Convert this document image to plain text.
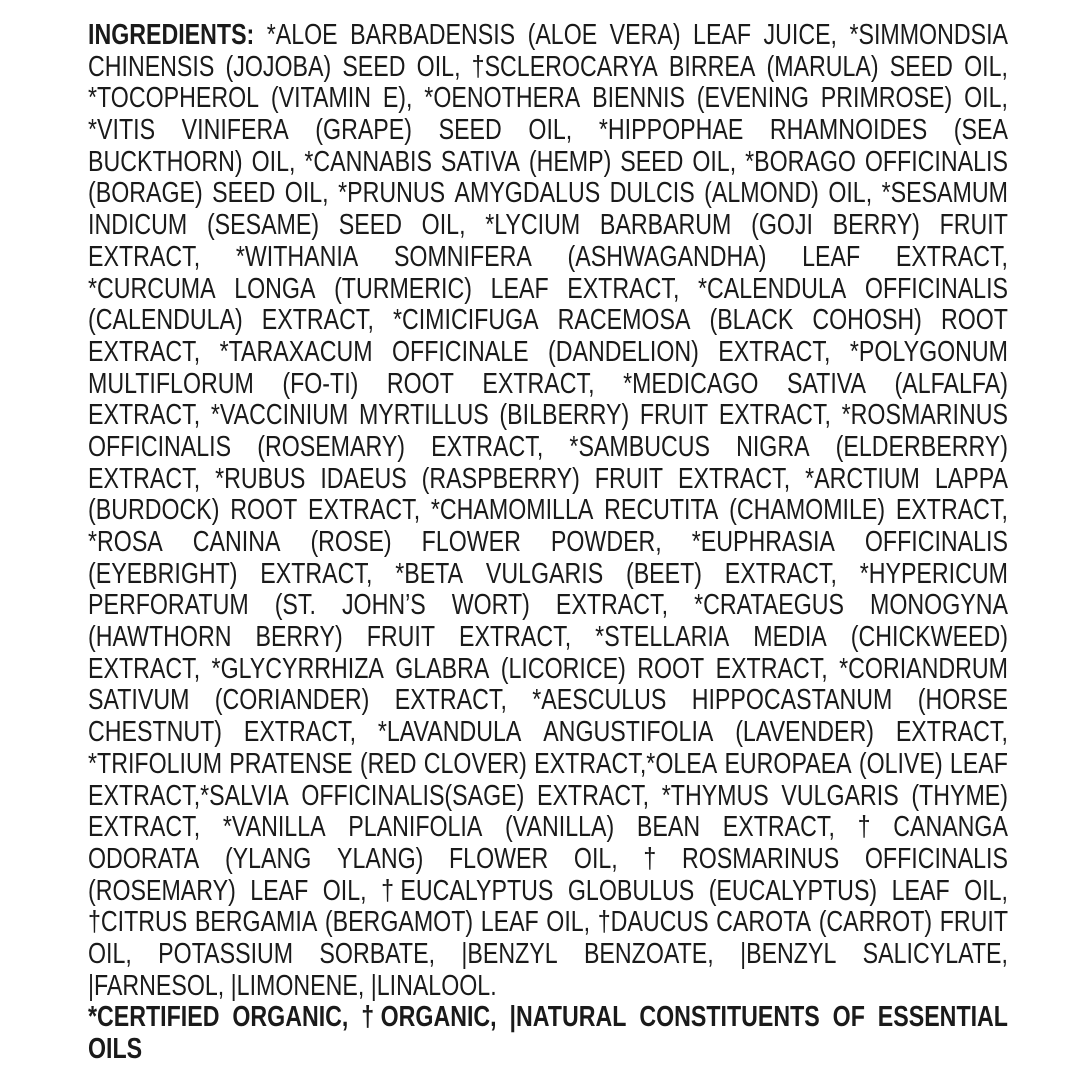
INGREDIENTS: *ALOE BARBADENSIS (ALOE VERA) LEAF JUICE, *SIMMONDSIA
CHINENSIS (JOJOBA) SEED OIL, †SCLEROCARYA BIRREA (MARULA) SEED OIL,
*TOCOPHEROL (VITAMIN E), *OENOTHERA BIENNIS (EVENING PRIMROSE) OIL,
*VITIS VINIFERA (GRAPE) SEED OIL, *HIPPOPHAE RHAMNOIDES (SEA
BUCKTHORN) OIL, *CANNABIS SATIVA (HEMP) SEED OIL, *BORAGO OFFICINALIS
(BORAGE) SEED OIL, *PRUNUS AMYGDALUS DULCIS (ALMOND) OIL, *SESAMUM
INDICUM (SESAME) SEED OIL, *LYCIUM BARBARUM (GOJI BERRY) FRUIT
EXTRACT, *WITHANIA SOMNIFERA (ASHWAGANDHA) LEAF EXTRACT,
*CURCUMA LONGA (TURMERIC) LEAF EXTRACT, *CALENDULA OFFICINALIS
(CALENDULA) EXTRACT, *CIMICIFUGA RACEMOSA (BLACK COHOSH) ROOT
EXTRACT, *TARAXACUM OFFICINALE (DANDELION) EXTRACT, *POLYGONUM
MULTIFLORUM (FO-TI) ROOT EXTRACT, *MEDICAGO SATIVA (ALFALFA)
EXTRACT, *VACCINIUM MYRTILLUS (BILBERRY) FRUIT EXTRACT, *ROSMARINUS
OFFICINALIS (ROSEMARY) EXTRACT, *SAMBUCUS NIGRA (ELDERBERRY)
EXTRACT, *RUBUS IDAEUS (RASPBERRY) FRUIT EXTRACT, *ARCTIUM LAPPA
(BURDOCK) ROOT EXTRACT, *CHAMOMILLA RECUTITA (CHAMOMILE) EXTRACT,
*ROSA CANINA (ROSE) FLOWER POWDER, *EUPHRASIA OFFICINALIS
(EYEBRIGHT) EXTRACT, *BETA VULGARIS (BEET) EXTRACT, *HYPERICUM
PERFORATUM (ST. JOHN’S WORT) EXTRACT, *CRATAEGUS MONOGYNA
(HAWTHORN BERRY) FRUIT EXTRACT, *STELLARIA MEDIA (CHICKWEED)
EXTRACT, *GLYCYRRHIZA GLABRA (LICORICE) ROOT EXTRACT, *CORIANDRUM
SATIVUM (CORIANDER) EXTRACT, *AESCULUS HIPPOCASTANUM (HORSE
CHESTNUT) EXTRACT, *LAVANDULA ANGUSTIFOLIA (LAVENDER) EXTRACT,
*TRIFOLIUM PRATENSE (RED CLOVER) EXTRACT,*OLEA EUROPAEA (OLIVE) LEAF
EXTRACT,*SALVIA OFFICINALIS(SAGE) EXTRACT, *THYMUS VULGARIS (THYME)
EXTRACT, *VANILLA PLANIFOLIA (VANILLA) BEAN EXTRACT, † CANANGA
ODORATA (YLANG YLANG) FLOWER OIL, † ROSMARINUS OFFICINALIS
(ROSEMARY) LEAF OIL, † EUCALYPTUS GLOBULUS (EUCALYPTUS) LEAF OIL,
†CITRUS BERGAMIA (BERGAMOT) LEAF OIL, †DAUCUS CAROTA (CARROT) FRUIT
OIL, POTASSIUM SORBATE, |BENZYL BENZOATE, |BENZYL SALICYLATE,
|FARNESOL, |LIMONENE, |LINALOOL.
*CERTIFIED ORGANIC, † ORGANIC, |NATURAL CONSTITUENTS OF ESSENTIAL
OILS
